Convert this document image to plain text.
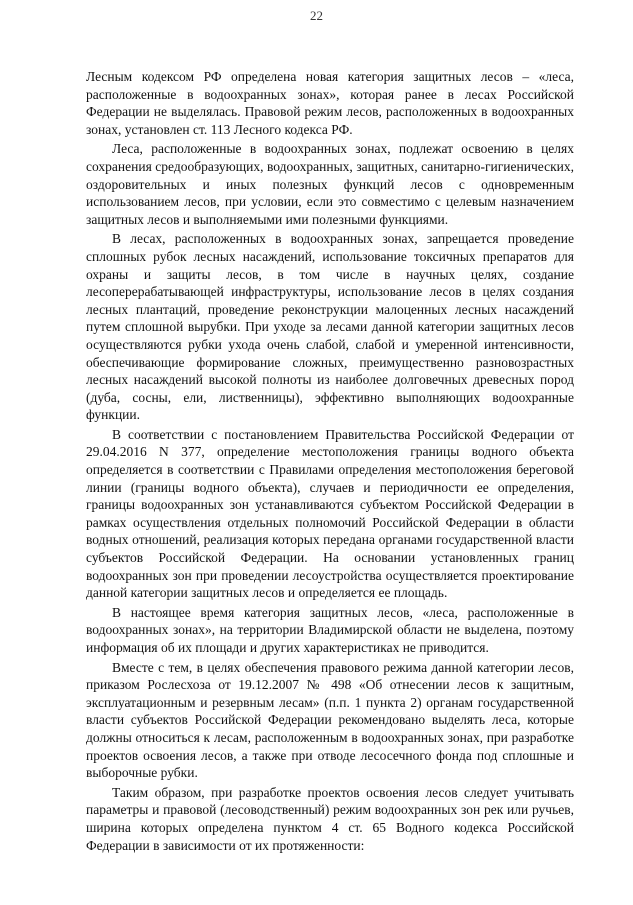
22

Лесным кодексом РФ определена новая категория защитных лесов – «леса, расположенные в водоохранных зонах», которая ранее в лесах Российской Федерации не выделялась. Правовой режим лесов, расположенных в водоохранных зонах, установлен ст. 113 Лесного кодекса РФ.

Леса, расположенные в водоохранных зонах, подлежат освоению в целях сохранения средообразующих, водоохранных, защитных, санитарно-гигиенических, оздоровительных и иных полезных функций лесов с одновременным использованием лесов, при условии, если это совместимо с целевым назначением защитных лесов и выполняемыми ими полезными функциями.

В лесах, расположенных в водоохранных зонах, запрещается проведение сплошных рубок лесных насаждений, использование токсичных препаратов для охраны и защиты лесов, в том числе в научных целях, создание лесоперерабатывающей инфраструктуры, использование лесов в целях создания лесных плантаций, проведение реконструкции малоценных лесных насаждений путем сплошной вырубки. При уходе за лесами данной категории защитных лесов осуществляются рубки ухода очень слабой, слабой и умеренной интенсивности, обеспечивающие формирование сложных, преимущественно разновозрастных лесных насаждений высокой полноты из наиболее долговечных древесных пород (дуба, сосны, ели, лиственницы), эффективно выполняющих водоохранные функции.

В соответствии с постановлением Правительства Российской Федерации от 29.04.2016 N 377, определение местоположения границы водного объекта определяется в соответствии с Правилами определения местоположения береговой линии (границы водного объекта), случаев и периодичности ее определения, границы водоохранных зон устанавливаются субъектом Российской Федерации в рамках осуществления отдельных полномочий Российской Федерации в области водных отношений, реализация которых передана органами государственной власти субъектов Российской Федерации. На основании установленных границ водоохранных зон при проведении лесоустройства осуществляется проектирование данной категории защитных лесов и определяется ее площадь.

В настоящее время категория защитных лесов, «леса, расположенные в водоохранных зонах», на территории Владимирской области не выделена, поэтому информация об их площади и других характеристиках не приводится.

Вместе с тем, в целях обеспечения правового режима данной категории лесов, приказом Рослесхоза от 19.12.2007 № 498 «Об отнесении лесов к защитным, эксплуатационным и резервным лесам» (п.п. 1 пункта 2) органам государственной власти субъектов Российской Федерации рекомендовано выделять леса, которые должны относиться к лесам, расположенным в водоохранных зонах, при разработке проектов освоения лесов, а также при отводе лесосечного фонда под сплошные и выборочные рубки.

Таким образом, при разработке проектов освоения лесов следует учитывать параметры и правовой (лесоводственный) режим водоохранных зон рек или ручьев, ширина которых определена пунктом 4 ст. 65 Водного кодекса Российской Федерации в зависимости от их протяженности:
